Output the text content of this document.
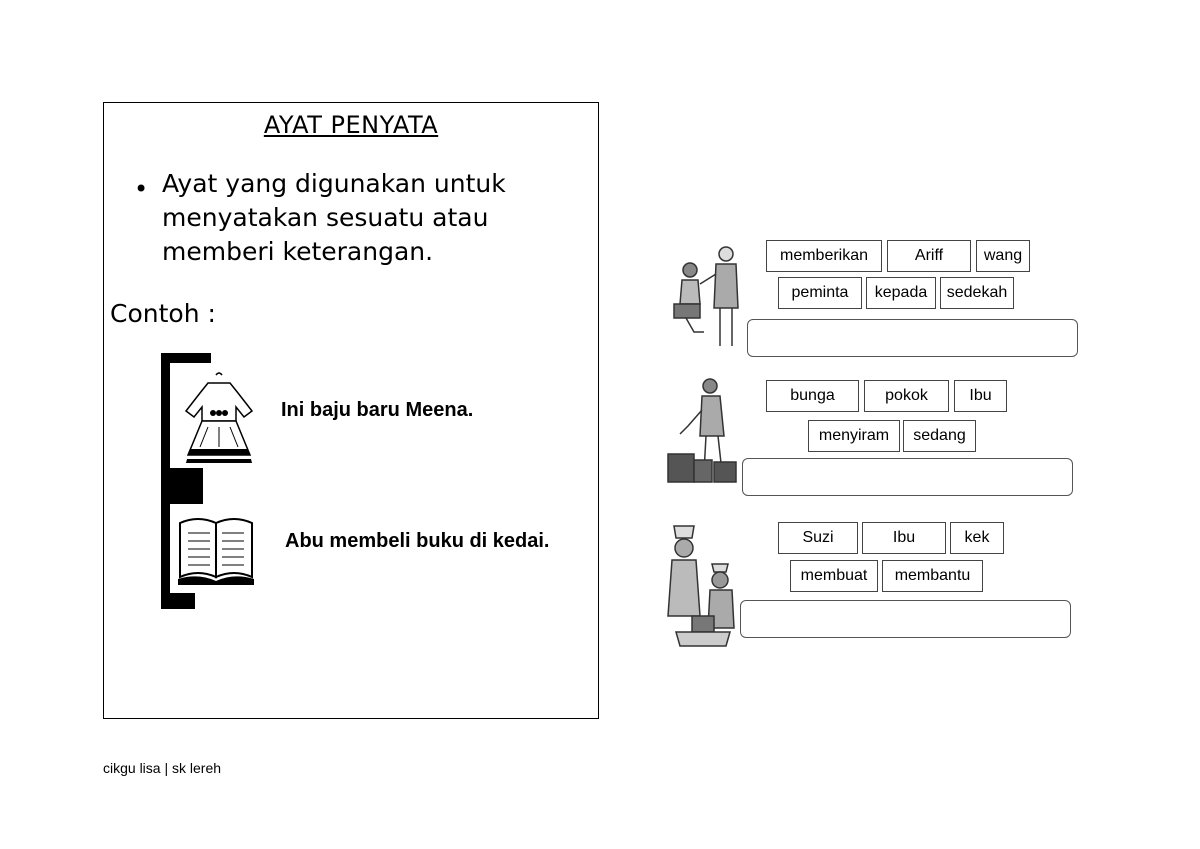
AYAT PENYATA
• Ayat yang digunakan untuk menyatakan sesuatu atau memberi keterangan.
Contoh :
Ini baju baru Meena.
Abu membeli buku di kedai.
memberikan	Ariff	wang
peminta	kepada	sedekah
bunga	pokok	Ibu
menyiram	sedang
Suzi	Ibu	kek
membuat	membantu
cikgu lisa | sk lereh
